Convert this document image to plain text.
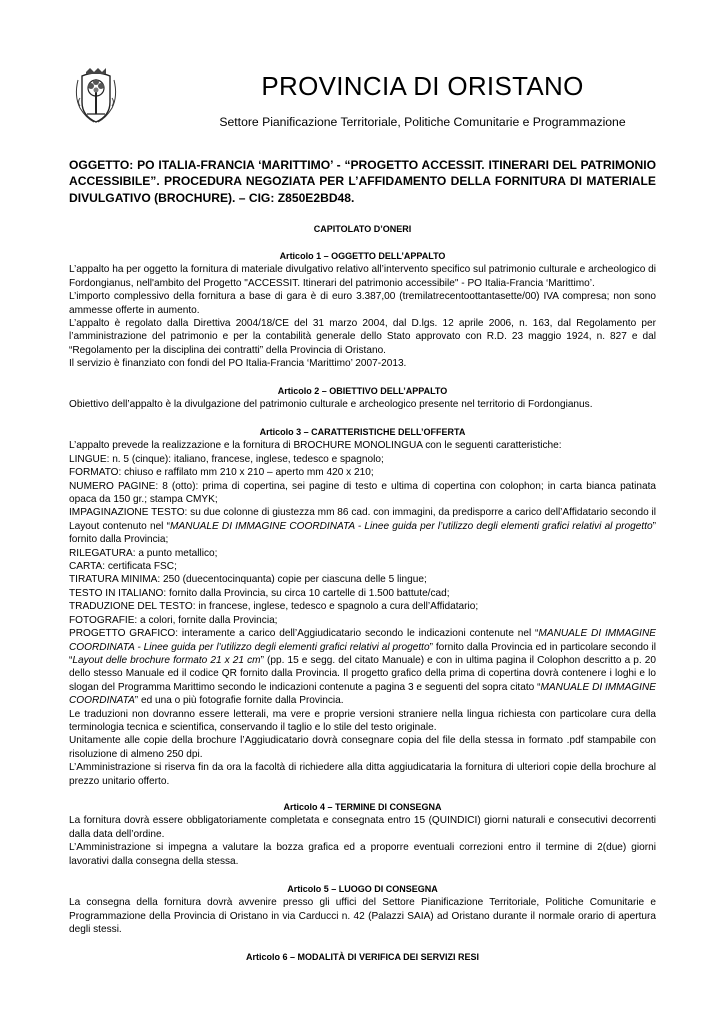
PROVINCIA DI ORISTANO
Settore Pianificazione Territoriale, Politiche Comunitarie e Programmazione
OGGETTO: PO ITALIA-FRANCIA ‘MARITTIMO’ - “PROGETTO ACCESSIT. ITINERARI DEL PATRIMONIO ACCESSIBILE”. PROCEDURA NEGOZIATA PER L’AFFIDAMENTO DELLA FORNITURA DI MATERIALE DIVULGATIVO (BROCHURE). – CIG: Z850E2BD48.
CAPITOLATO D’ONERI
Articolo 1 – OGGETTO DELL’APPALTO

L’appalto ha per oggetto la fornitura di materiale divulgativo relativo all’intervento specifico sul patrimonio culturale e archeologico di Fordongianus, nell'ambito del Progetto "ACCESSIT. Itinerari del patrimonio accessibile" - PO Italia-Francia ‘Marittimo’.

L’importo complessivo della fornitura a base di gara è di euro 3.387,00 (tremilatrecentoottantasette/00) IVA compresa; non sono ammesse offerte in aumento.

L’appalto è regolato dalla Direttiva 2004/18/CE del 31 marzo 2004, dal D.lgs. 12 aprile 2006, n. 163, dal Regolamento per l’amministrazione del patrimonio e per la contabilità generale dello Stato approvato con R.D. 23 maggio 1924, n. 827 e dal “Regolamento per la disciplina dei contratti” della Provincia di Oristano.

Il servizio è finanziato con fondi del PO Italia-Francia ‘Marittimo’ 2007-2013.

Articolo 2 – OBIETTIVO DELL’APPALTO

Obiettivo dell’appalto è la divulgazione del patrimonio culturale e archeologico presente nel territorio di Fordongianus.

Articolo 3 – CARATTERISTICHE DELL’OFFERTA

L’appalto prevede la realizzazione e la fornitura di BROCHURE MONOLINGUA con le seguenti caratteristiche:

LINGUE: n. 5 (cinque): italiano, francese, inglese, tedesco e spagnolo;

FORMATO: chiuso e raffilato mm 210 x 210 – aperto mm 420 x 210;

NUMERO PAGINE: 8 (otto): prima di copertina, sei pagine di testo e ultima di copertina con colophon; in carta bianca patinata opaca da 150 gr.; stampa CMYK;

IMPAGINAZIONE TESTO: su due colonne di giustezza mm 86 cad. con immagini, da predisporre a carico dell’Affidatario secondo il Layout contenuto nel “MANUALE DI IMMAGINE COORDINATA - Linee guida per l’utilizzo degli elementi grafici relativi al progetto” fornito dalla Provincia;

RILEGATURA: a punto metallico;

CARTA: certificata FSC;

TIRATURA MINIMA: 250 (duecentocinquanta) copie per ciascuna delle 5 lingue;

TESTO IN ITALIANO: fornito dalla Provincia, su circa 10 cartelle di 1.500 battute/cad;

TRADUZIONE DEL TESTO: in francese, inglese, tedesco e spagnolo a cura dell’Affidatario;

FOTOGRAFIE: a colori, fornite dalla Provincia;

PROGETTO GRAFICO: interamente a carico dell’Aggiudicatario secondo le indicazioni contenute nel “MANUALE DI IMMAGINE COORDINATA - Linee guida per l’utilizzo degli elementi grafici relativi al progetto” fornito dalla Provincia ed in particolare secondo il “Layout delle brochure formato 21 x 21 cm” (pp. 15 e segg. del citato Manuale) e con in ultima pagina il Colophon descritto a p. 20 dello stesso Manuale ed il codice QR fornito dalla Provincia. Il progetto grafico della prima di copertina dovrà contenere i loghi e lo slogan del Programma Marittimo secondo le indicazioni contenute a pagina 3 e seguenti del sopra citato “MANUALE DI IMMAGINE COORDINATA” ed una o più fotografie fornite dalla Provincia.

Le traduzioni non dovranno essere letterali, ma vere e proprie versioni straniere nella lingua richiesta con particolare cura della terminologia tecnica e scientifica, conservando il taglio e lo stile del testo originale.

Unitamente alle copie della brochure l’Aggiudicatario dovrà consegnare copia del file della stessa in formato .pdf stampabile con risoluzione di almeno 250 dpi.

L’Amministrazione si riserva fin da ora la facoltà di richiedere alla ditta aggiudicataria la fornitura di ulteriori copie della brochure al prezzo unitario offerto.

Articolo 4 – TERMINE DI CONSEGNA

La fornitura dovrà essere obbligatoriamente completata e consegnata entro 15 (QUINDICI) giorni naturali e consecutivi decorrenti dalla data dell’ordine.

L’Amministrazione si impegna a valutare la bozza grafica ed a proporre eventuali correzioni entro il termine di 2(due) giorni lavorativi dalla consegna della stessa.

Articolo 5 – LUOGO DI CONSEGNA

La consegna della fornitura dovrà avvenire presso gli uffici del Settore Pianificazione Territoriale, Politiche Comunitarie e Programmazione della Provincia di Oristano in via Carducci n. 42 (Palazzi SAIA) ad Oristano durante il normale orario di apertura degli stessi.

Articolo 6 – MODALITÀ DI VERIFICA DEI SERVIZI RESI
